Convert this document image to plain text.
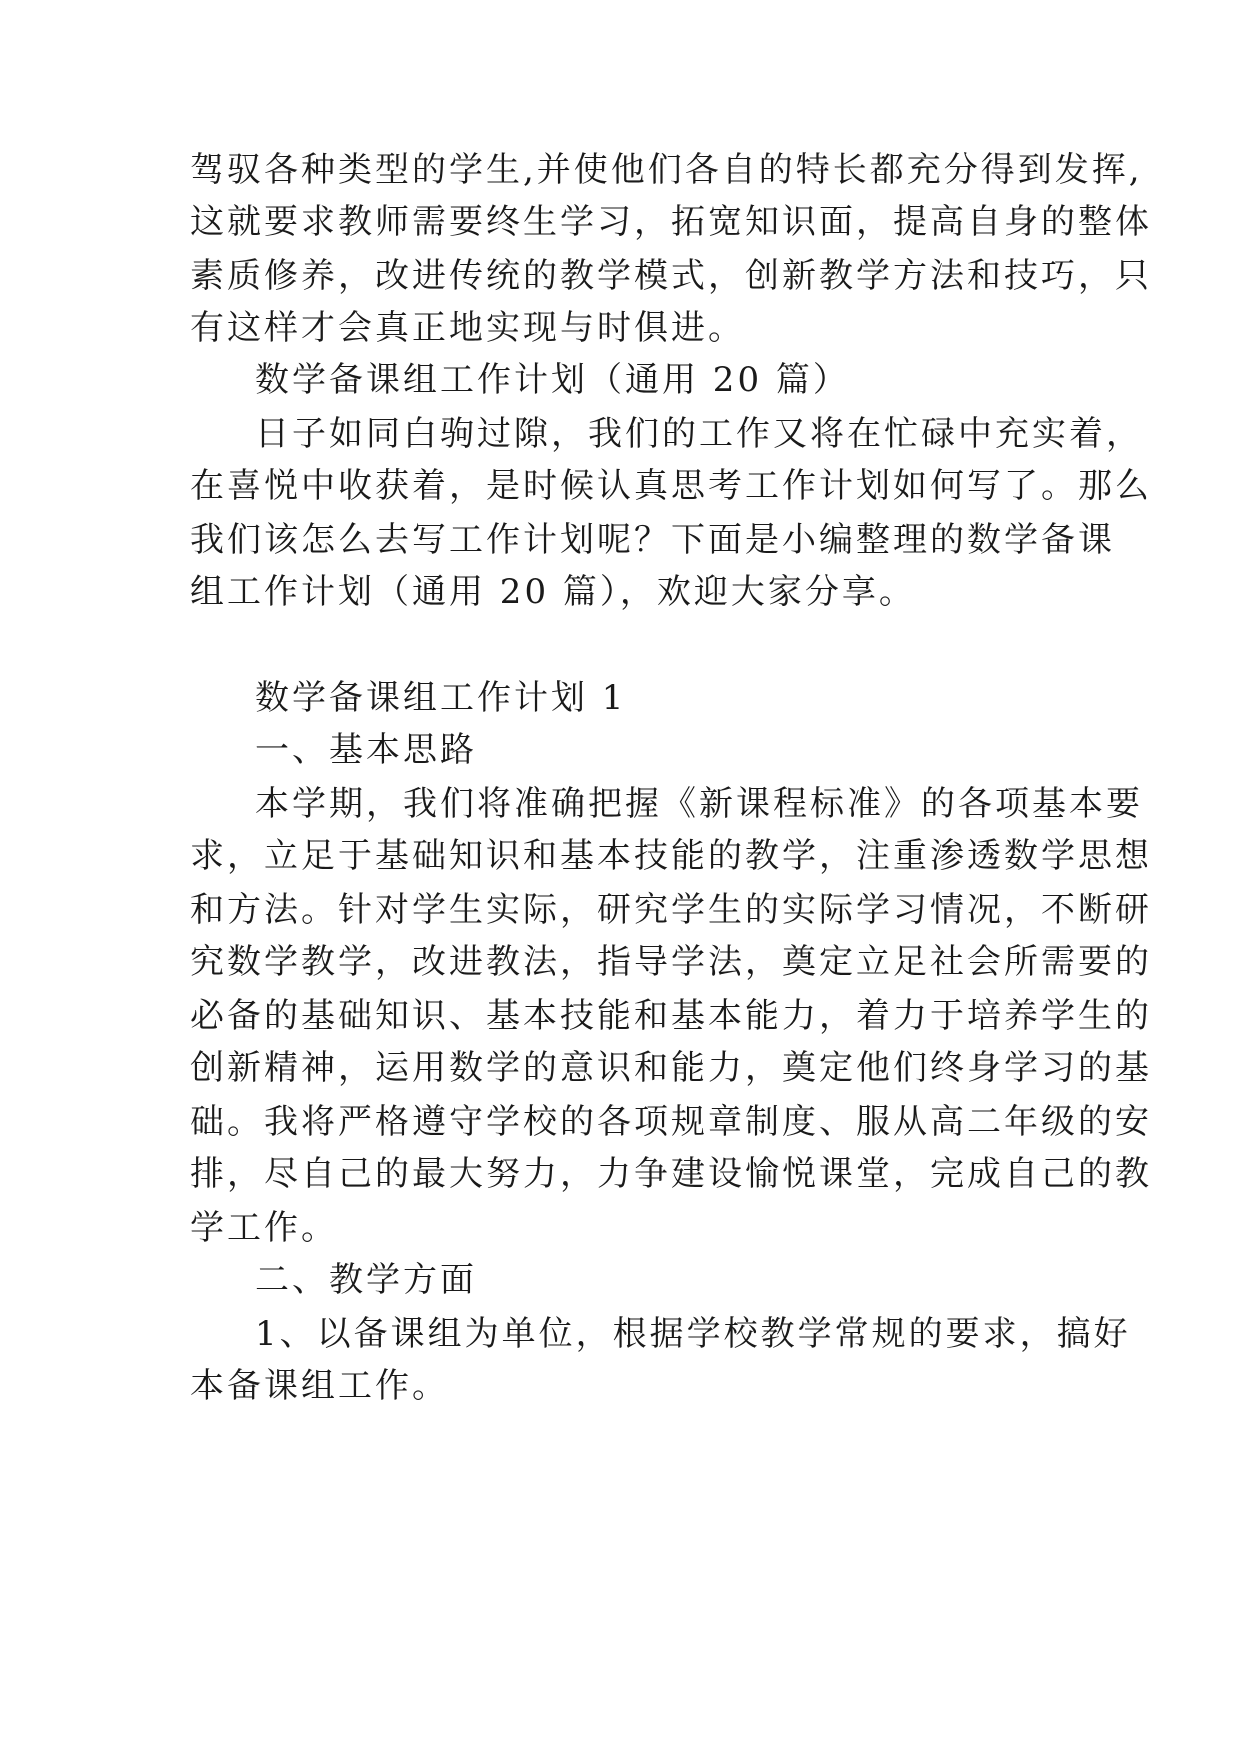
驾驭各种类型的学生,并使他们各自的特长都充分得到发挥,
这就要求教师需要终生学习，拓宽知识面，提高自身的整体
素质修养，改进传统的教学模式，创新教学方法和技巧，只
有这样才会真正地实现与时俱进。
数学备课组工作计划（通用 20 篇）
日子如同白驹过隙，我们的工作又将在忙碌中充实着，
在喜悦中收获着，是时候认真思考工作计划如何写了。那么
我们该怎么去写工作计划呢？下面是小编整理的数学备课
组工作计划（通用 20 篇），欢迎大家分享。
数学备课组工作计划 1
一、基本思路
本学期，我们将准确把握《新课程标准》的各项基本要
求，立足于基础知识和基本技能的教学，注重渗透数学思想
和方法。针对学生实际，研究学生的实际学习情况，不断研
究数学教学，改进教法，指导学法，奠定立足社会所需要的
必备的基础知识、基本技能和基本能力，着力于培养学生的
创新精神，运用数学的意识和能力，奠定他们终身学习的基
础。我将严格遵守学校的各项规章制度、服从高二年级的安
排，尽自己的最大努力，力争建设愉悦课堂，完成自己的教
学工作。
二、教学方面
1、以备课组为单位，根据学校教学常规的要求，搞好
本备课组工作。
